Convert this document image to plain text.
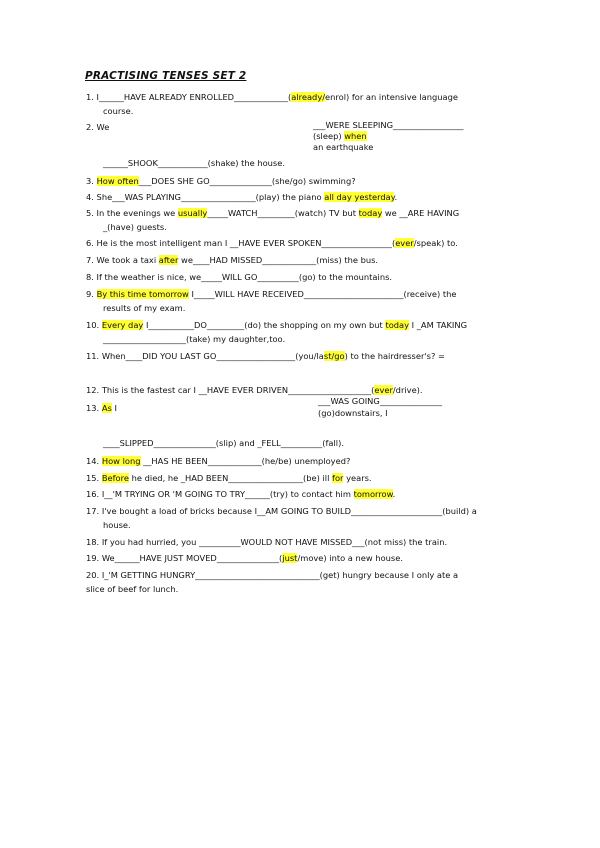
PRACTISING TENSES SET 2
1. I______HAVE ALREADY ENROLLED_____________(already/enrol) for an intensive language
course.
2. We	___WERE SLEEPING_________________
(sleep) when
an earthquake
______SHOOK____________(shake) the house.
3. How often___DOES SHE GO_______________(she/go) swimming?
4. She___WAS PLAYING__________________(play) the piano all day yesterday.
5. In the evenings we usually_____WATCH_________(watch) TV but today we __ARE HAVING
_(have) guests.
6. He is the most intelligent man I __HAVE EVER SPOKEN_________________(ever/speak) to.
7. We took a taxi after we____HAD MISSED_____________(miss) the bus.
8. If the weather is nice, we_____WILL GO__________(go) to the mountains.
9. By this time tomorrow I_____WILL HAVE RECEIVED________________________(receive) the
results of my exam.
10. Every day I___________DO_________(do) the shopping on my own but today I _AM TAKING
____________________(take) my daughter,too.
11. When____DID YOU LAST GO___________________(you/last/go) to the hairdresser's? =
12. This is the fastest car I __HAVE EVER DRIVEN____________________(ever/drive).
13. As I
___WAS GOING_______________
(go)downstairs, I
____SLIPPED_______________(slip) and _FELL__________(fall).
14. How long __HAS HE BEEN_____________(he/be) unemployed?
15. Before he died, he _HAD BEEN__________________(be) ill for years.
16. I__'M TRYING OR 'M GOING TO TRY______(try) to contact him tomorrow.
17. I've bought a load of bricks because I__AM GOING TO BUILD______________________(build) a
house.
18. If you had hurried, you __________WOULD NOT HAVE MISSED___(not miss) the train.
19. We______HAVE JUST MOVED_______________(just/move) into a new house.
20. I_'M GETTING HUNGRY______________________________(get) hungry because I only ate a
slice of beef for lunch.
